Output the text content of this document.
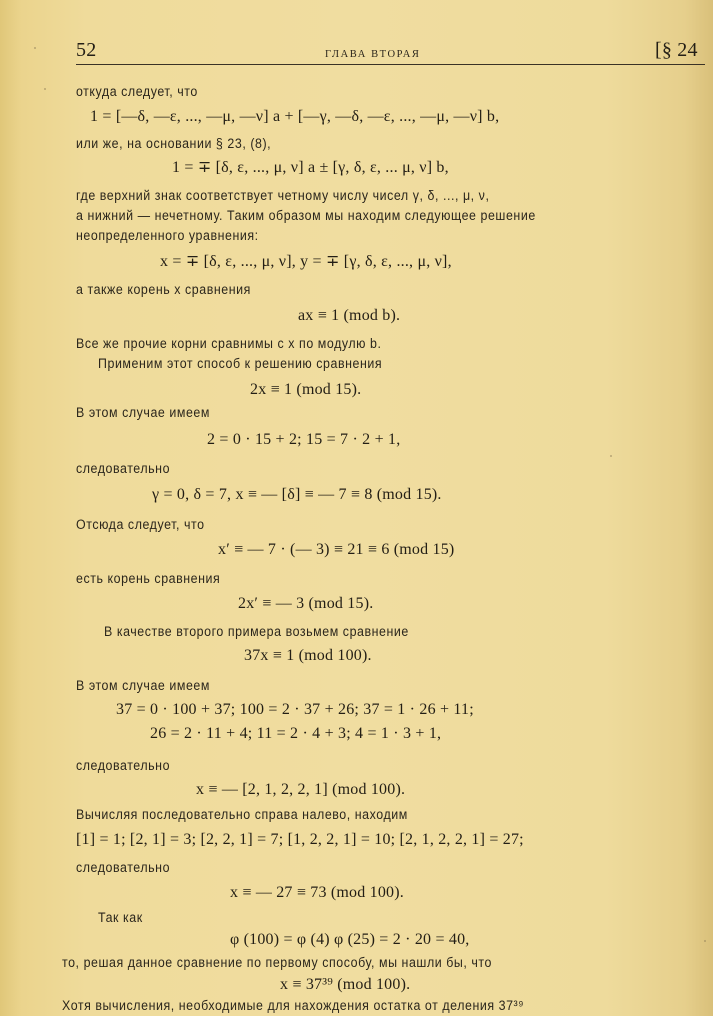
52	ГЛАВА ВТОРАЯ	[§ 24
откуда следует, что
1 = [—δ, —ε, ..., —μ, —ν] a + [—γ, —δ, —ε, ..., —μ, —ν] b,
или же, на основании § 23, (8),
1 = ∓ [δ, ε, ..., μ, ν] a ± [γ, δ, ε, ... μ, ν] b,
где верхний знак соответствует четному числу чисел γ, δ, ..., μ, ν,
а нижний — нечетному. Таким образом мы находим следующее решение
неопределенного уравнения:
x = ∓ [δ, ε, ..., μ, ν], y = ∓ [γ, δ, ε, ..., μ, ν],
а также корень x сравнения
ax ≡ 1 (mod b).
Все же прочие корни сравнимы с x по модулю b.
Применим этот способ к решению сравнения
2x ≡ 1 (mod 15).
В этом случае имеем
2 = 0 · 15 + 2; 15 = 7 · 2 + 1,
следовательно
γ = 0, δ = 7, x ≡ — [δ] ≡ — 7 ≡ 8 (mod 15).
Отсюда следует, что
x′ ≡ — 7 · (— 3) ≡ 21 ≡ 6 (mod 15)
есть корень сравнения
2x′ ≡ — 3 (mod 15).
В качестве второго примера возьмем сравнение
37x ≡ 1 (mod 100).
В этом случае имеем
37 = 0 · 100 + 37; 100 = 2 · 37 + 26; 37 = 1 · 26 + 11;
26 = 2 · 11 + 4; 11 = 2 · 4 + 3; 4 = 1 · 3 + 1,
следовательно
x ≡ — [2, 1, 2, 2, 1] (mod 100).
Вычисляя последовательно справа налево, находим
[1] = 1; [2, 1] = 3; [2, 2, 1] = 7; [1, 2, 2, 1] = 10; [2, 1, 2, 2, 1] = 27;
следовательно
x ≡ — 27 ≡ 73 (mod 100).
Так как
φ (100) = φ (4) φ (25) = 2 · 20 = 40,
то, решая данное сравнение по первому способу, мы нашли бы, что
x ≡ 37³⁹ (mod 100).
Хотя вычисления, необходимые для нахождения остатка от деления 37³⁹
